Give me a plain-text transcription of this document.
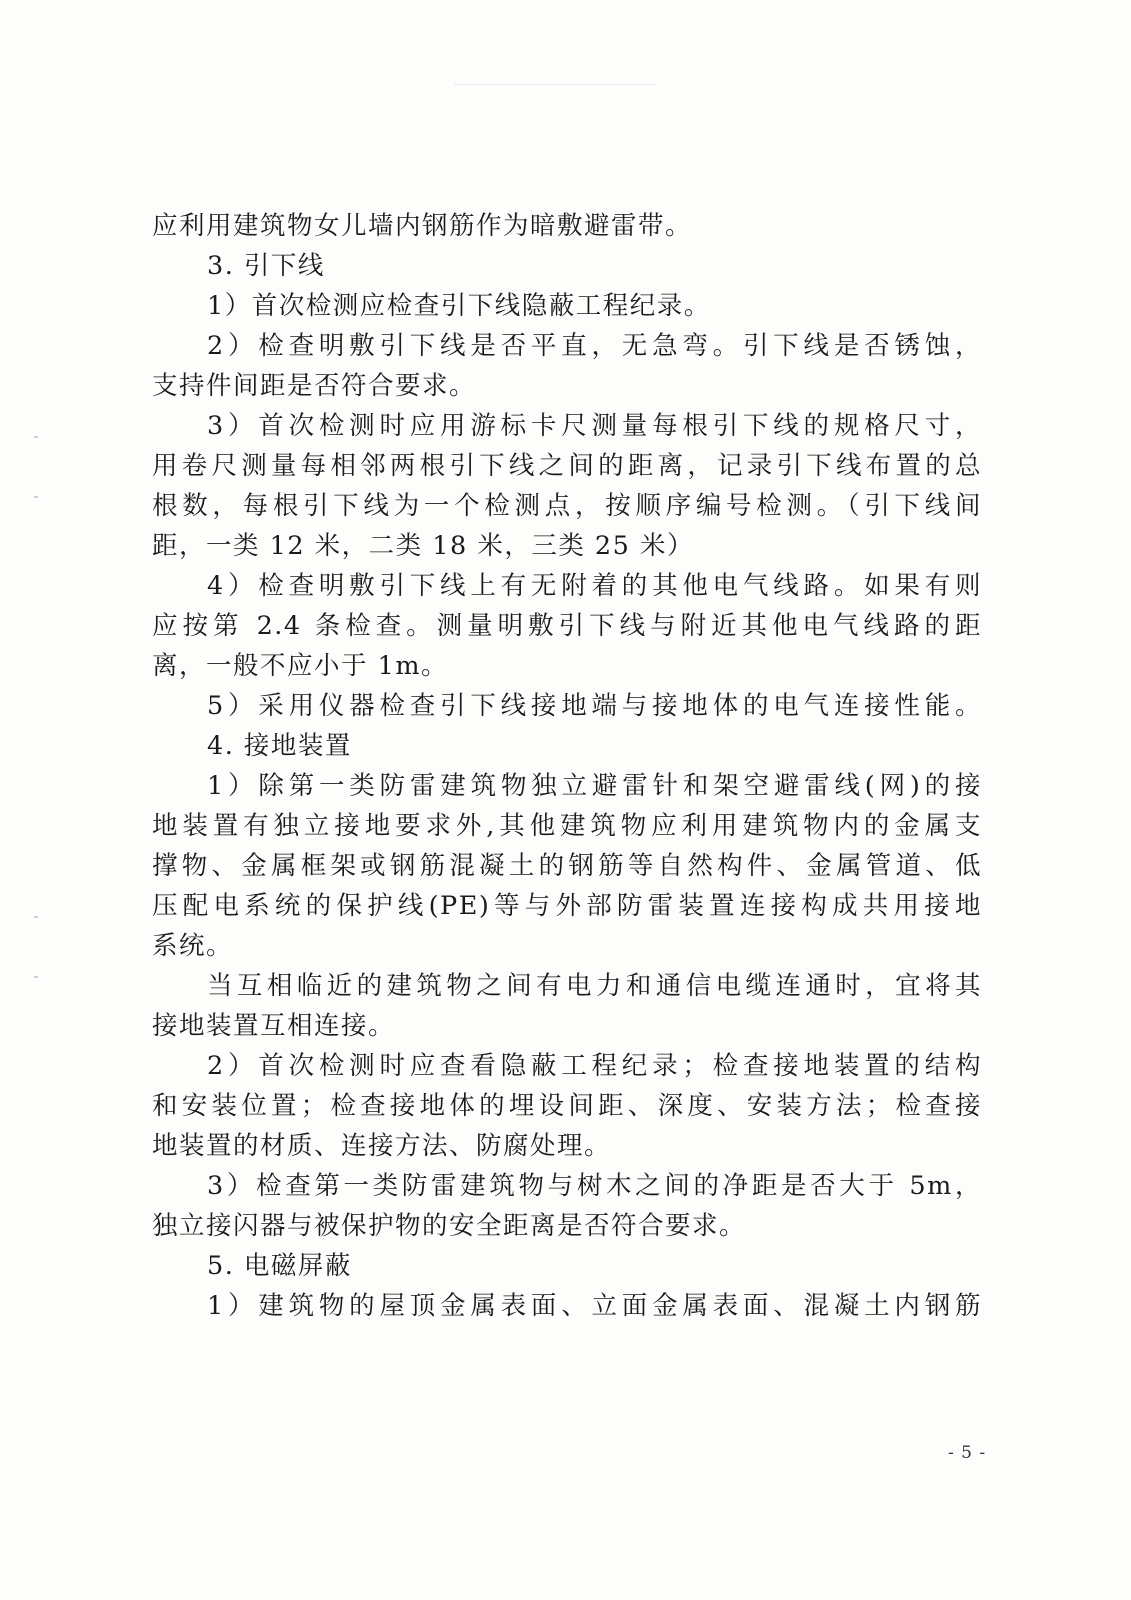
应利用建筑物女儿墙内钢筋作为暗敷避雷带。
3. 引下线
1）首次检测应检查引下线隐蔽工程纪录。
2）检查明敷引下线是否平直，无急弯。引下线是否锈蚀，
支持件间距是否符合要求。
3）首次检测时应用游标卡尺测量每根引下线的规格尺寸，
用卷尺测量每相邻两根引下线之间的距离，记录引下线布置的总
根数，每根引下线为一个检测点，按顺序编号检测。（引下线间
距，一类 12 米，二类 18 米，三类 25 米）
4）检查明敷引下线上有无附着的其他电气线路。如果有则
应按第 2.4 条检查。测量明敷引下线与附近其他电气线路的距
离，一般不应小于 1m。
5）采用仪器检查引下线接地端与接地体的电气连接性能。
4. 接地装置
1）除第一类防雷建筑物独立避雷针和架空避雷线(网)的接
地装置有独立接地要求外,其他建筑物应利用建筑物内的金属支
撑物、金属框架或钢筋混凝土的钢筋等自然构件、金属管道、低
压配电系统的保护线(PE)等与外部防雷装置连接构成共用接地
系统。
当互相临近的建筑物之间有电力和通信电缆连通时，宜将其
接地装置互相连接。
2）首次检测时应查看隐蔽工程纪录；检查接地装置的结构
和安装位置；检查接地体的埋设间距、深度、安装方法；检查接
地装置的材质、连接方法、防腐处理。
3）检查第一类防雷建筑物与树木之间的净距是否大于 5m，
独立接闪器与被保护物的安全距离是否符合要求。
5. 电磁屏蔽
1）建筑物的屋顶金属表面、立面金属表面、混凝土内钢筋
- 5 -
